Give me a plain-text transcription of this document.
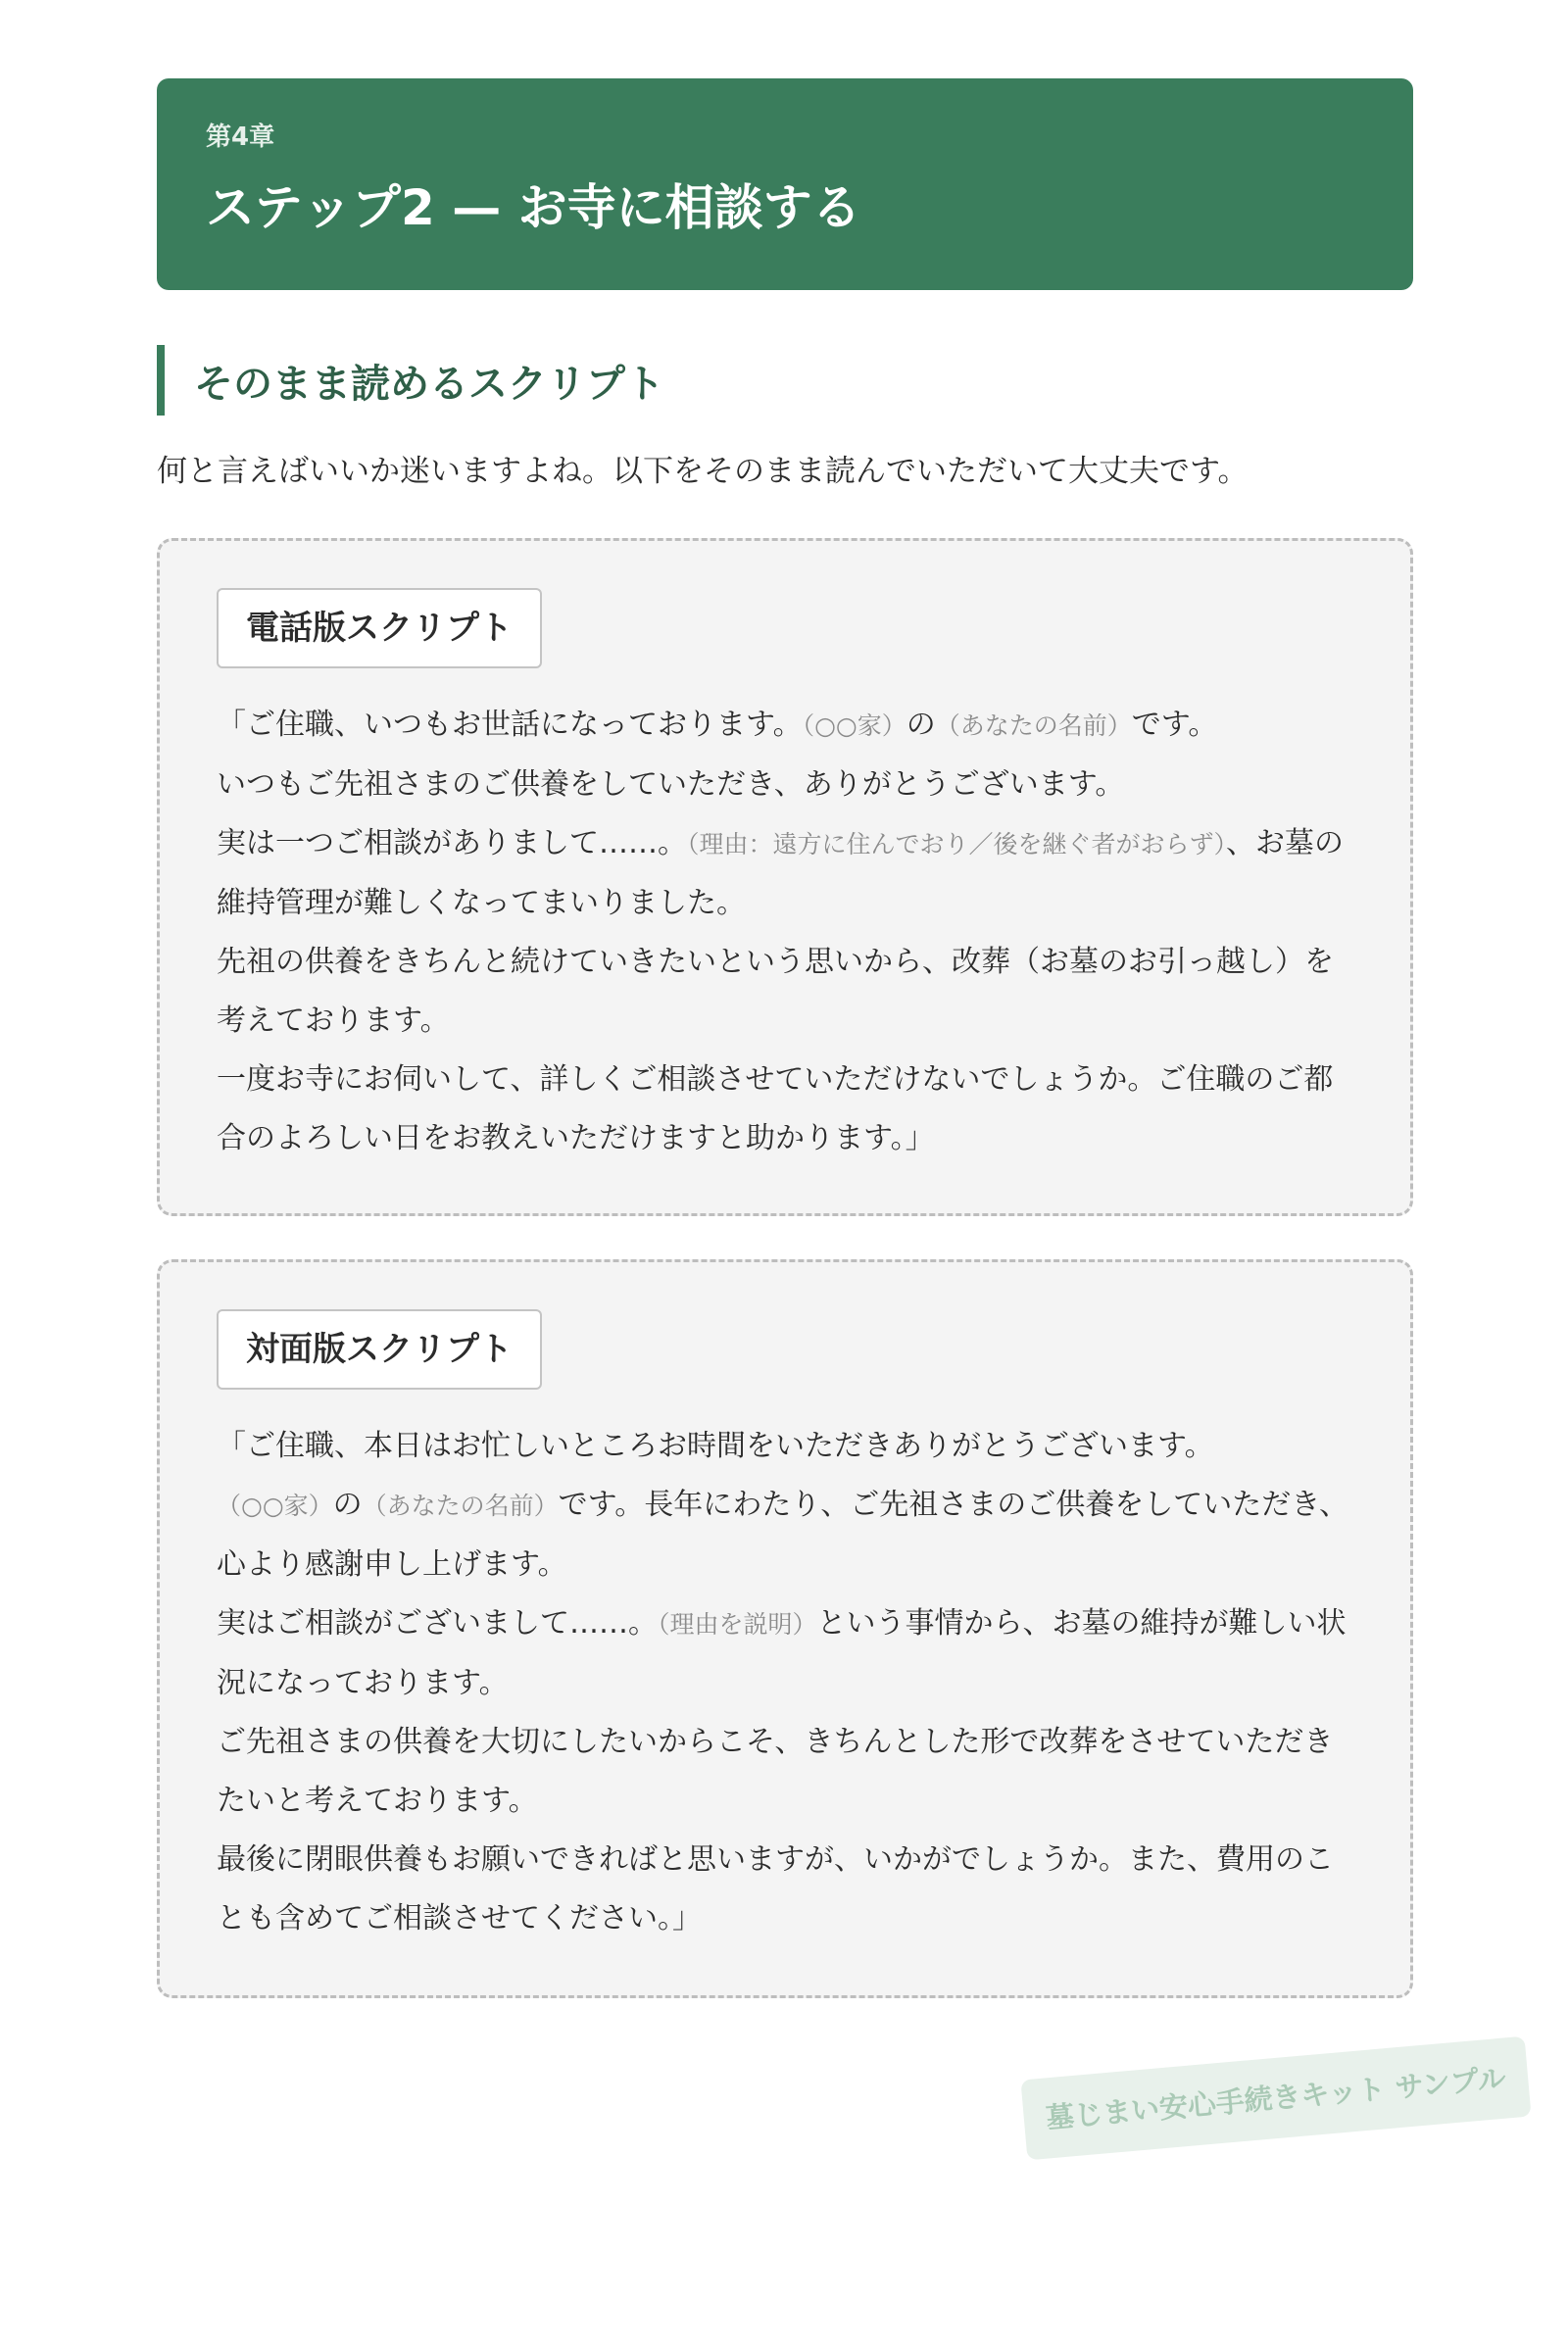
第4章

ステップ2 — お寺に相談する
そのまま読めるスクリプト

何と言えばいいか迷いますよね。以下をそのまま読んでいただいて大丈夫です。

電話版スクリプト
「ご住職、いつもお世話になっております。（○○家）の（あなたの名前）です。
いつもご先祖さまのご供養をしていただき、ありがとうございます。
実は一つご相談がありまして……。（理由：遠方に住んでおり／後を継ぐ者がおらず）、お墓の維持管理が難しくなってまいりました。
先祖の供養をきちんと続けていきたいという思いから、改葬（お墓のお引っ越し）を考えております。
一度お寺にお伺いして、詳しくご相談させていただけないでしょうか。ご住職のご都合のよろしい日をお教えいただけますと助かります。」
対面版スクリプト
「ご住職、本日はお忙しいところお時間をいただきありがとうございます。
（○○家）の（あなたの名前）です。長年にわたり、ご先祖さまのご供養をしていただき、心より感謝申し上げます。
実はご相談がございまして……。（理由を説明）という事情から、お墓の維持が難しい状況になっております。
ご先祖さまの供養を大切にしたいからこそ、きちんとした形で改葬をさせていただきたいと考えております。
最後に閉眼供養もお願いできればと思いますが、いかがでしょうか。また、費用のことも含めてご相談させてください。」
墓じまい安心手続きキット サンプル
